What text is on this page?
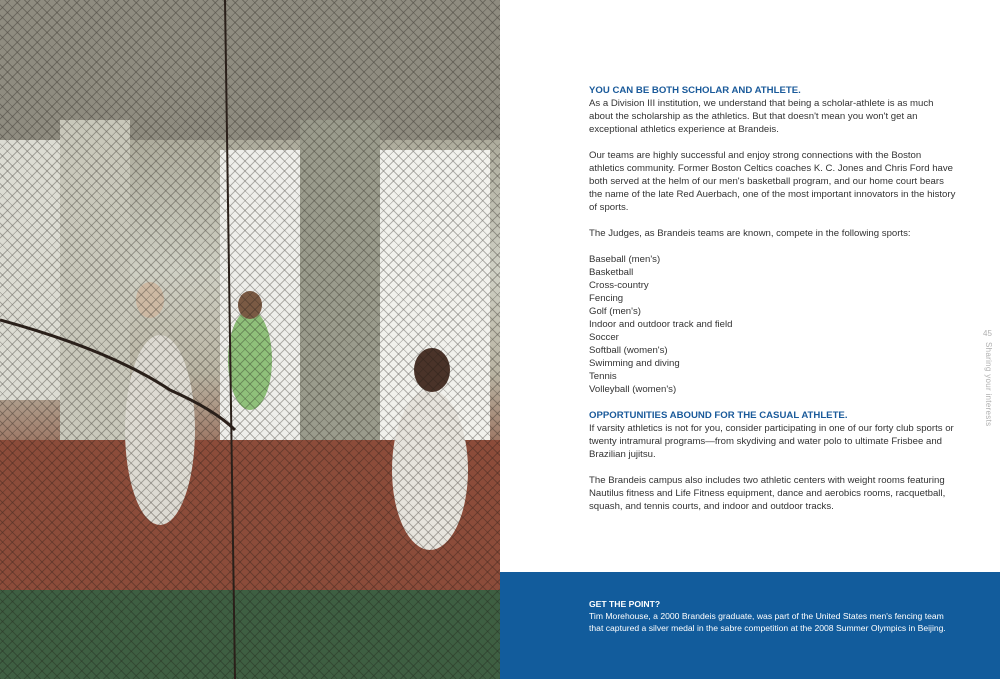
YOU CAN BE BOTH SCHOLAR AND ATHLETE.

As a Division III institution, we understand that being a scholar-athlete is as much about the scholarship as the athletics. But that doesn't mean you won't get an exceptional athletics experience at Brandeis.

Our teams are highly successful and enjoy strong connections with the Boston athletics community. Former Boston Celtics coaches K. C. Jones and Chris Ford have both served at the helm of our men's basketball program, and our home court bears the name of the late Red Auerbach, one of the most important innovators in the history of sports.

The Judges, as Brandeis teams are known, compete in the following sports:

Baseball (men's)
Basketball
Cross-country
Fencing
Golf (men's)
Indoor and outdoor track and field
Soccer
Softball (women's)
Swimming and diving
Tennis
Volleyball (women's)

OPPORTUNITIES ABOUND FOR THE CASUAL ATHLETE.

If varsity athletics is not for you, consider participating in one of our forty club sports or twenty intramural programs—from skydiving and water polo to ultimate Frisbee and Brazilian jujitsu.

The Brandeis campus also includes two athletic centers with weight rooms featuring Nautilus fitness and Life Fitness equipment, dance and aerobics rooms, racquetball, squash, and tennis courts, and indoor and outdoor tracks.

45
Sharing your interests

GET THE POINT?

Tim Morehouse, a 2000 Brandeis graduate, was part of the United States men's fencing team that captured a silver medal in the sabre competition at the 2008 Summer Olympics in Beijing.
